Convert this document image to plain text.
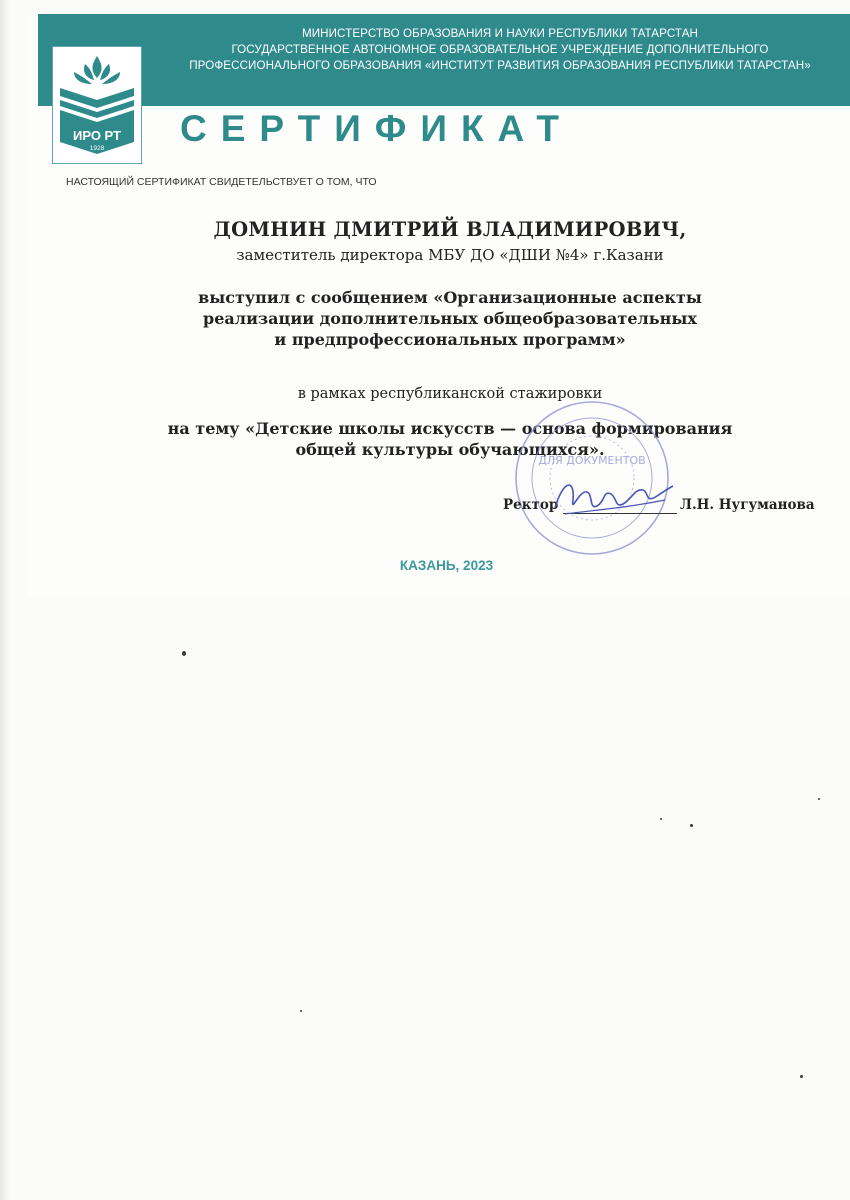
МИНИСТЕРСТВО ОБРАЗОВАНИЯ И НАУКИ РЕСПУБЛИКИ ТАТАРСТАН
ГОСУДАРСТВЕННОЕ АВТОНОМНОЕ ОБРАЗОВАТЕЛЬНОЕ УЧРЕЖДЕНИЕ ДОПОЛНИТЕЛЬНОГО
ПРОФЕССИОНАЛЬНОГО ОБРАЗОВАНИЯ «ИНСТИТУТ РАЗВИТИЯ ОБРАЗОВАНИЯ РЕСПУБЛИКИ ТАТАРСТАН»
ИРО РТ
1928 СЕРТИФИКАТ
НАСТОЯЩИЙ СЕРТИФИКАТ СВИДЕТЕЛЬСТВУЕТ О ТОМ, ЧТО
ДОМНИН ДМИТРИЙ ВЛАДИМИРОВИЧ,
заместитель директора МБУ ДО «ДШИ №4» г.Казани
выступил с сообщением «Организационные аспекты
реализации дополнительных общеобразовательных
и предпрофессиональных программ»
в рамках республиканской стажировки
на тему «Детские школы искусств — основа формирования
общей культуры обучающихся».
ДЛЯ ДОКУМЕНТОВ
Ректор	Л.Н. Нугуманова
КАЗАНЬ, 2023
